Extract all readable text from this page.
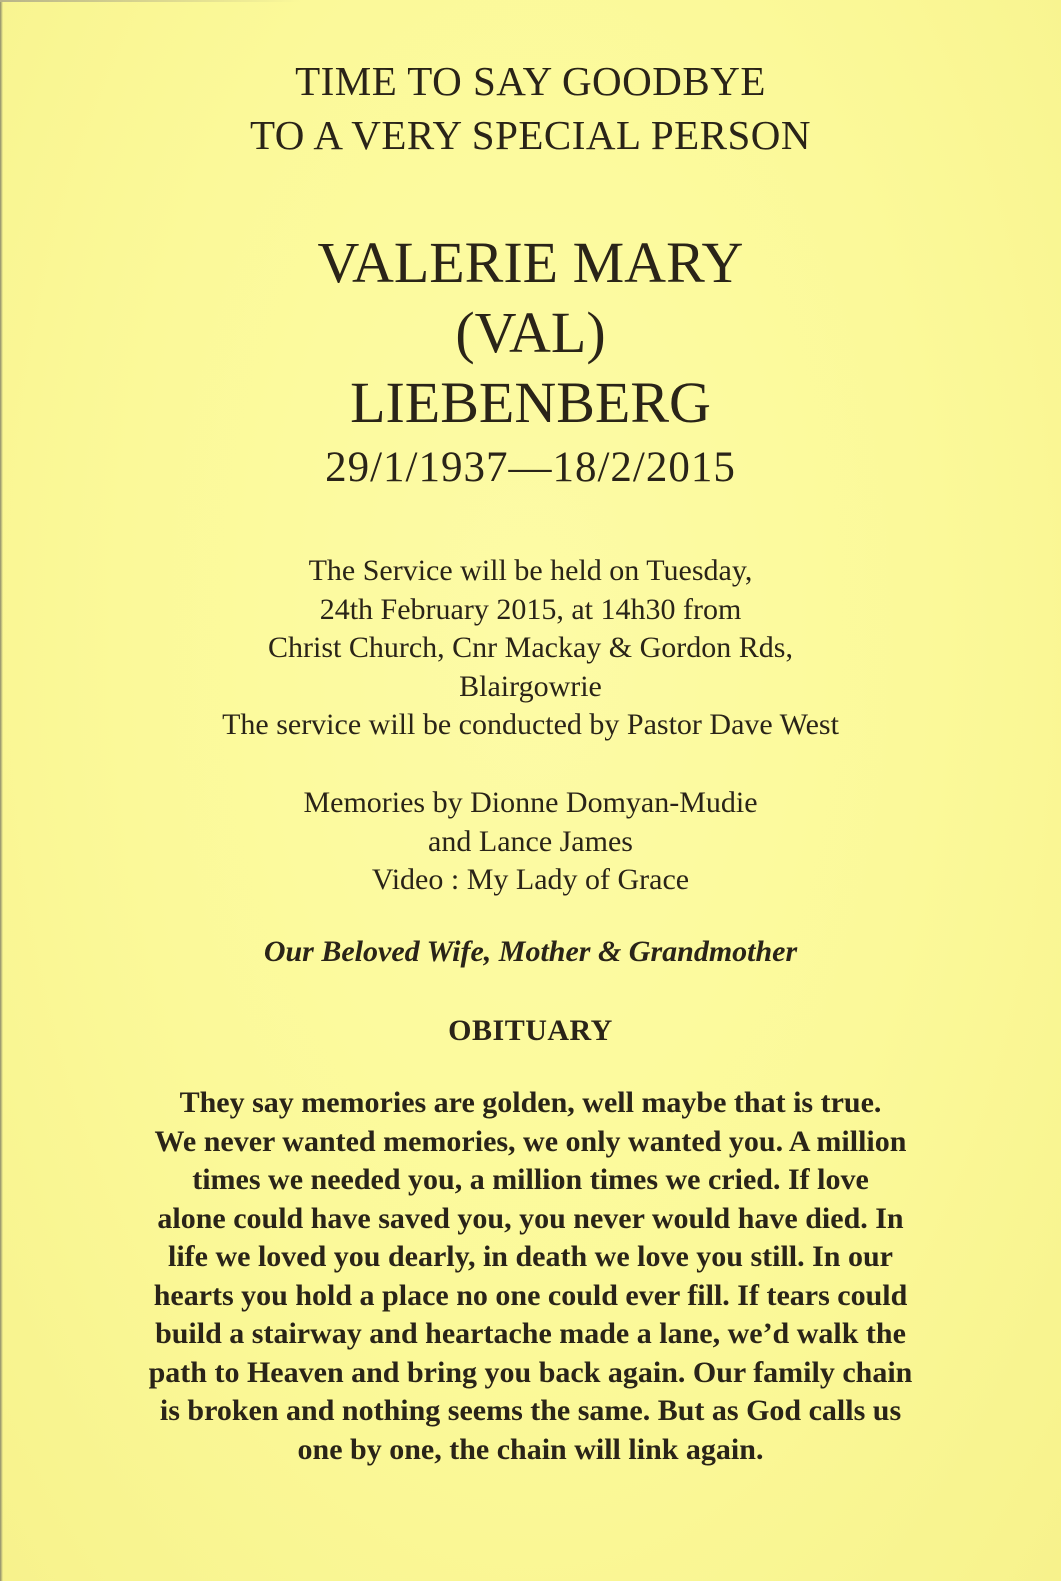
TIME TO SAY GOODBYE
TO A VERY SPECIAL PERSON
VALERIE MARY
(VAL)
LIEBENBERG
29/1/1937—18/2/2015
The Service will be held on Tuesday,
24th February 2015, at 14h30 from
Christ Church, Cnr Mackay & Gordon Rds,
Blairgowrie
The service will be conducted by Pastor Dave West
Memories by Dionne Domyan-Mudie
and Lance James
Video : My Lady of Grace
Our Beloved Wife, Mother & Grandmother
OBITUARY
They say memories are golden, well maybe that is true.
We never wanted memories, we only wanted you. A million
times we needed you, a million times we cried. If love
alone could have saved you, you never would have died. In
life we loved you dearly, in death we love you still. In our
hearts you hold a place no one could ever fill. If tears could
build a stairway and heartache made a lane, we’d walk the
path to Heaven and bring you back again. Our family chain
is broken and nothing seems the same. But as God calls us
one by one, the chain will link again.
